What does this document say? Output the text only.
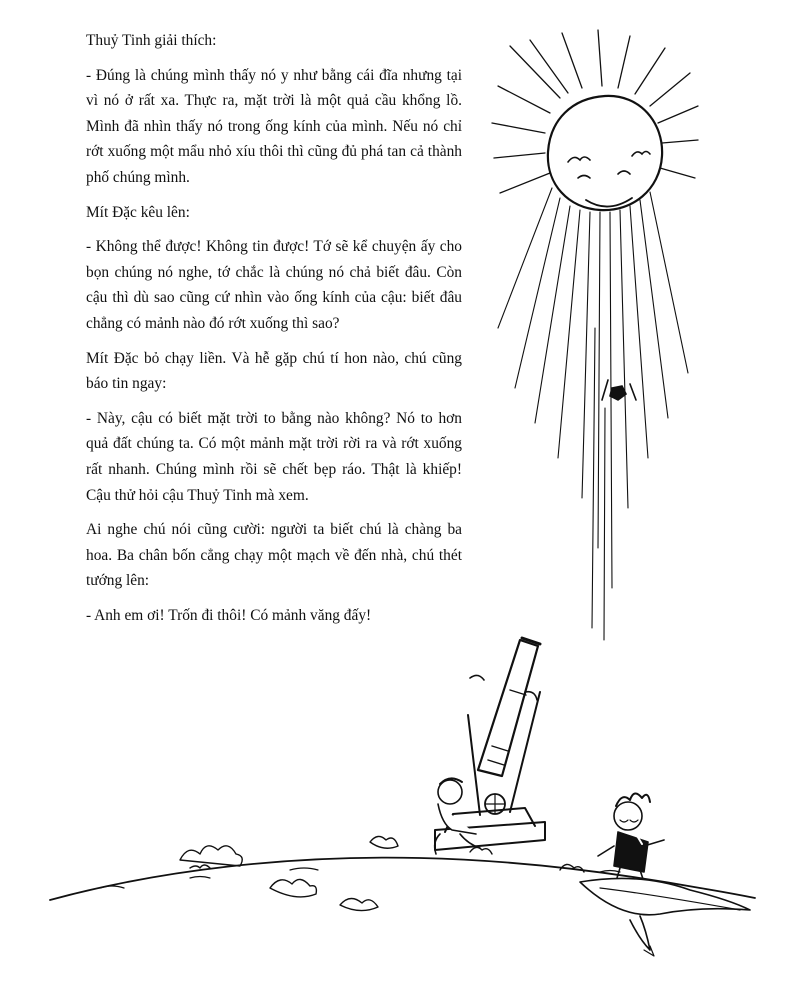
Thuỷ Tinh giải thích:

- Đúng là chúng mình thấy nó y như bằng cái đĩa nhưng tại vì nó ở rất xa. Thực ra, mặt trời là một quả cầu khổng lồ. Mình đã nhìn thấy nó trong ống kính của mình. Nếu nó chỉ rớt xuống một mẩu nhỏ xíu thôi thì cũng đủ phá tan cả thành phố chúng mình.

Mít Đặc kêu lên:

- Không thể được! Không tin được! Tớ sẽ kể chuyện ấy cho bọn chúng nó nghe, tớ chắc là chúng nó chả biết đâu. Còn cậu thì dù sao cũng cứ nhìn vào ống kính của cậu: biết đâu chẳng có mảnh nào đó rớt xuống thì sao?

Mít Đặc bỏ chạy liền. Và hễ gặp chú tí hon nào, chú cũng báo tin ngay:

- Này, cậu có biết mặt trời to bằng nào không? Nó to hơn quả đất chúng ta. Có một mảnh mặt trời rời ra và rớt xuống rất nhanh. Chúng mình rồi sẽ chết bẹp ráo. Thật là khiếp! Cậu thử hỏi cậu Thuỷ Tinh mà xem.

Ai nghe chú nói cũng cười: người ta biết chú là chàng ba hoa. Ba chân bốn cẳng chạy một mạch về đến nhà, chú thét tướng lên:

- Anh em ơi! Trốn đi thôi! Có mảnh văng đấy!
